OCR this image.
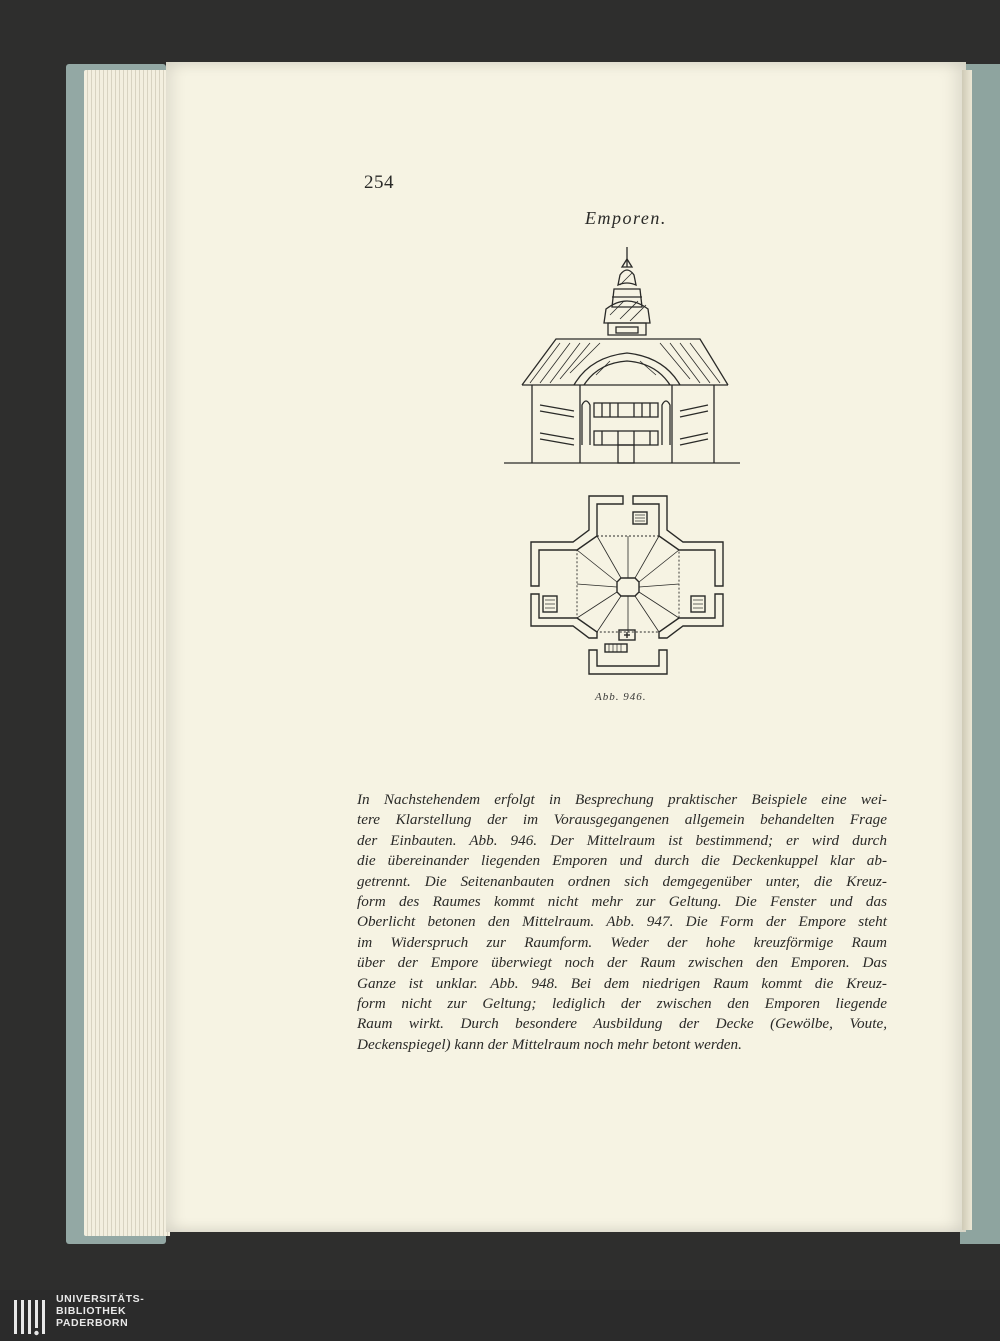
254
Emporen.
Abb. 946.
In Nachstehendem erfolgt in Besprechung praktischer Beispiele eine wei-
tere Klarstellung der im Vorausgegangenen allgemein behandelten Frage
der Einbauten. Abb. 946. Der Mittelraum ist bestimmend; er wird durch
die übereinander liegenden Emporen und durch die Deckenkuppel klar ab-
getrennt. Die Seitenanbauten ordnen sich demgegenüber unter, die Kreuz-
form des Raumes kommt nicht mehr zur Geltung. Die Fenster und das
Oberlicht betonen den Mittelraum. Abb. 947. Die Form der Empore steht
im Widerspruch zur Raumform. Weder der hohe kreuzförmige Raum
über der Empore überwiegt noch der Raum zwischen den Emporen. Das
Ganze ist unklar. Abb. 948. Bei dem niedrigen Raum kommt die Kreuz-
form nicht zur Geltung; lediglich der zwischen den Emporen liegende
Raum wirkt. Durch besondere Ausbildung der Decke (Gewölbe, Voute,
Deckenspiegel) kann der Mittelraum noch mehr betont werden.
UNIVERSITÄTS-
BIBLIOTHEK
PADERBORN
